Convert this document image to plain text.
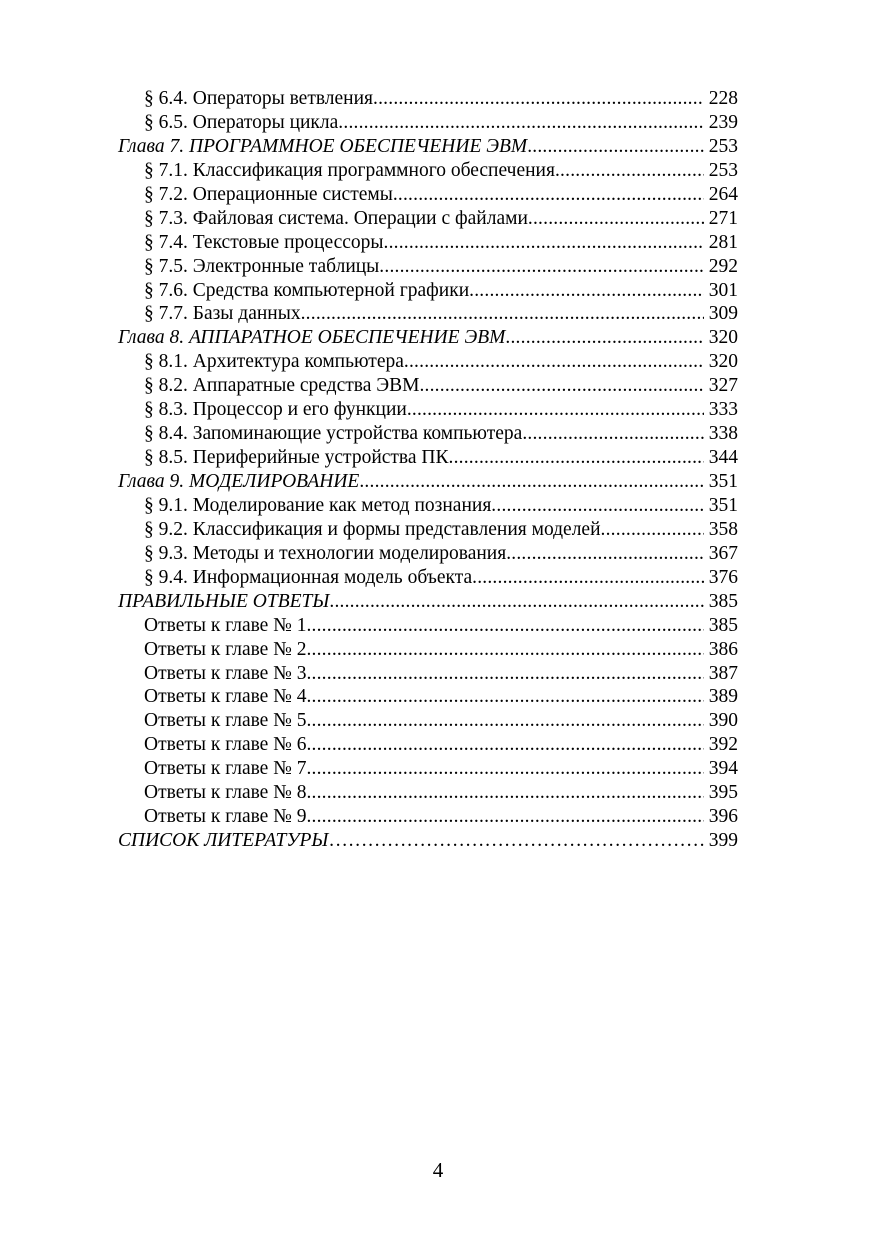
§ 6.4. Операторы ветвления .....	228
§ 6.5. Операторы цикла .....	239
Глава 7. ПРОГРАММНОЕ ОБЕСПЕЧЕНИЕ ЭВМ .....	253
§ 7.1. Классификация программного обеспечения .....	253
§ 7.2. Операционные системы .....	264
§ 7.3. Файловая система. Операции с файлами .....	271
§ 7.4. Текстовые процессоры .....	281
§ 7.5. Электронные таблицы .....	292
§ 7.6. Средства компьютерной графики .....	301
§ 7.7. Базы данных .....	309
Глава 8. АППАРАТНОЕ ОБЕСПЕЧЕНИЕ ЭВМ .....	320
§ 8.1. Архитектура компьютера .....	320
§ 8.2. Аппаратные средства ЭВМ .....	327
§ 8.3. Процессор и его функции .....	333
§ 8.4. Запоминающие устройства компьютера .....	338
§ 8.5. Периферийные устройства ПК .....	344
Глава 9. МОДЕЛИРОВАНИЕ .....	351
§ 9.1. Моделирование как метод познания .....	351
§ 9.2. Классификация и формы представления моделей .....	358
§ 9.3. Методы и технологии моделирования .....	367
§ 9.4. Информационная модель объекта .....	376
ПРАВИЛЬНЫЕ ОТВЕТЫ .....	385
Ответы к главе № 1 .....	385
Ответы к главе № 2 .....	386
Ответы к главе № 3 .....	387
Ответы к главе № 4 .....	389
Ответы к главе № 5 .....	390
Ответы к главе № 6 .....	392
Ответы к главе № 7 .....	394
Ответы к главе № 8 .....	395
Ответы к главе № 9 .....	396
СПИСОК ЛИТЕРАТУРЫ ……………………………………………………………………………………………………………………………………………………	399
4
